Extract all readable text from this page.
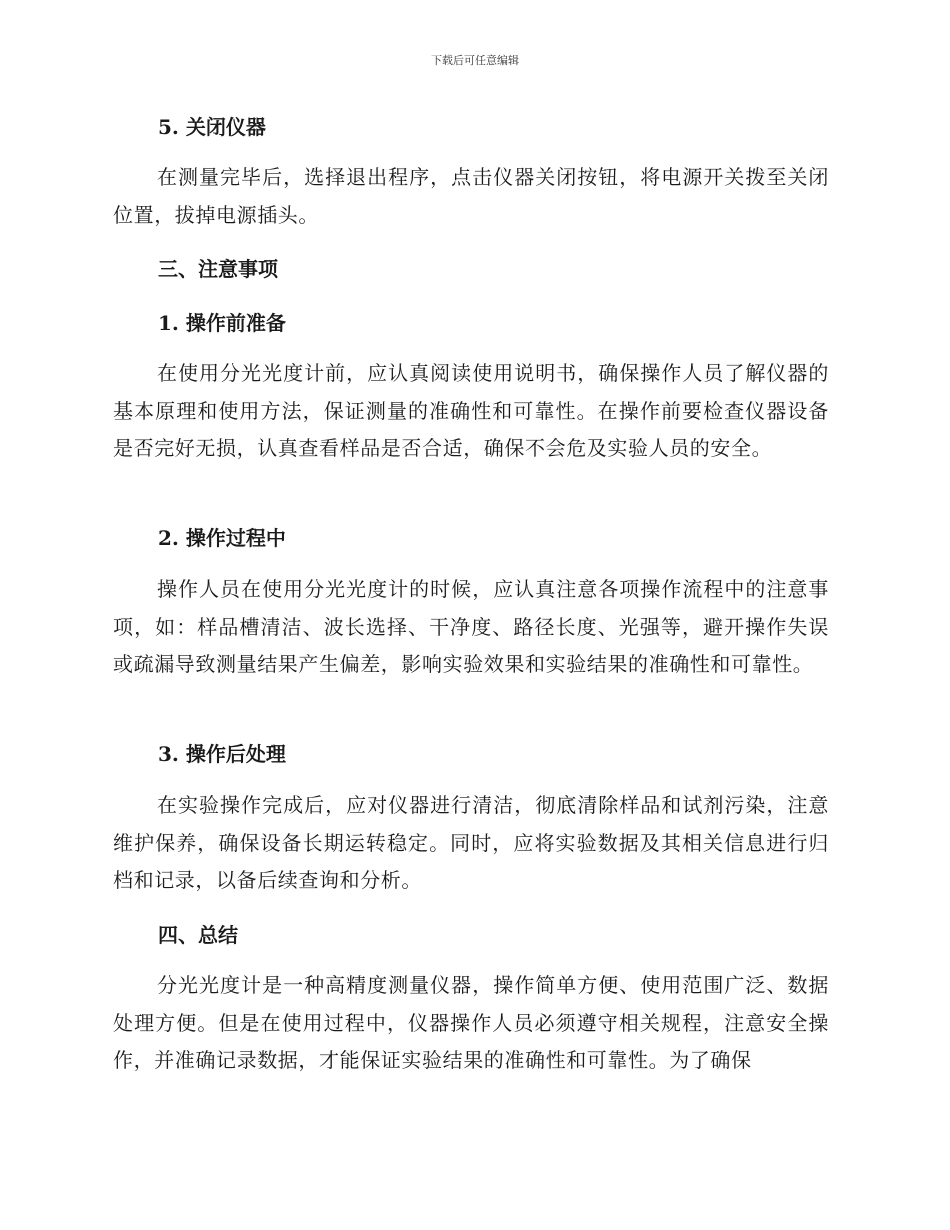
下载后可任意编辑
5. 关闭仪器
在测量完毕后，选择退出程序，点击仪器关闭按钮，将电源开关拨至关闭位置，拔掉电源插头。
三、注意事项
1. 操作前准备
在使用分光光度计前，应认真阅读使用说明书，确保操作人员了解仪器的基本原理和使用方法，保证测量的准确性和可靠性。在操作前要检查仪器设备是否完好无损，认真查看样品是否合适，确保不会危及实验人员的安全。
2. 操作过程中
操作人员在使用分光光度计的时候，应认真注意各项操作流程中的注意事项，如：样品槽清洁、波长选择、干净度、路径长度、光强等，避开操作失误或疏漏导致测量结果产生偏差，影响实验效果和实验结果的准确性和可靠性。
3. 操作后处理
在实验操作完成后，应对仪器进行清洁，彻底清除样品和试剂污染，注意维护保养，确保设备长期运转稳定。同时，应将实验数据及其相关信息进行归档和记录，以备后续查询和分析。
四、总结
分光光度计是一种高精度测量仪器，操作简单方便、使用范围广泛、数据处理方便。但是在使用过程中，仪器操作人员必须遵守相关规程，注意安全操作，并准确记录数据，才能保证实验结果的准确性和可靠性。为了确保
